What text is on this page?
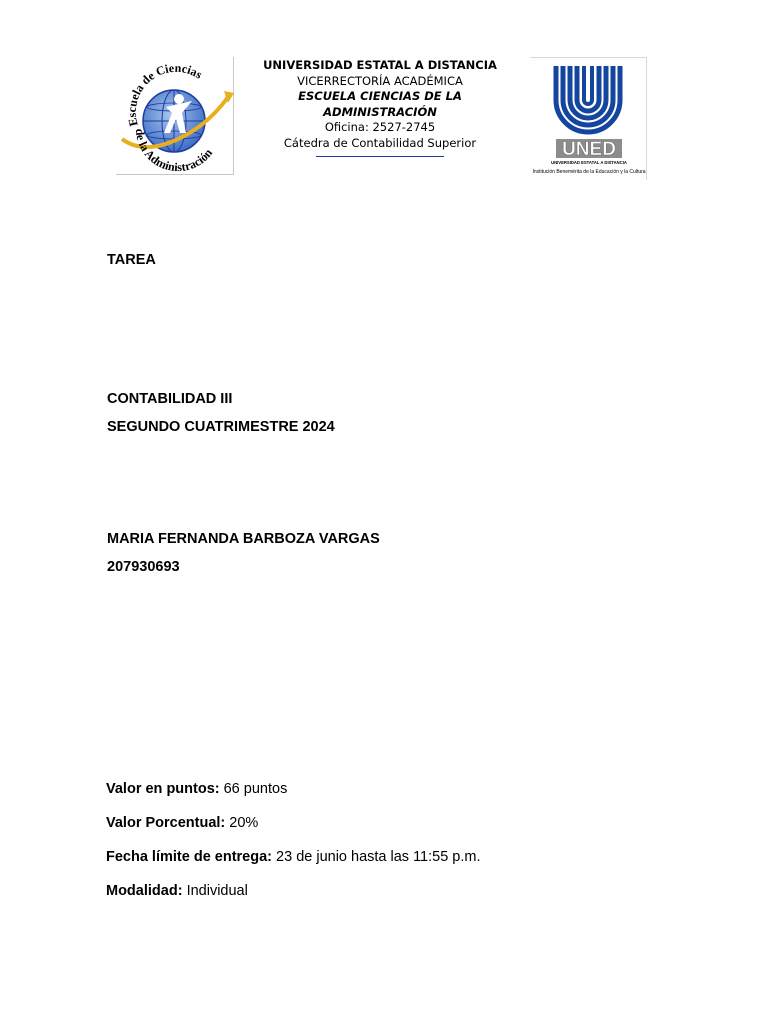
Escuela de Ciencias
de la Administración
UNIVERSIDAD ESTATAL A DISTANCIA
VICERRECTORÍA ACADÉMICA
ESCUELA CIENCIAS DE LA
ADMINISTRACIÓN
Oficina: 2527-2745
Cátedra de Contabilidad Superior	UNED
UNIVERSIDAD ESTATAL A DISTANCIA
Institución Benemérita de la Educación y la Cultura
TAREA
CONTABILIDAD III
SEGUNDO CUATRIMESTRE 2024
MARIA FERNANDA BARBOZA VARGAS
207930693
Valor en puntos: 66 puntos
Valor Porcentual: 20%
Fecha límite de entrega: 23 de junio hasta las 11:55 p.m.
Modalidad: Individual
